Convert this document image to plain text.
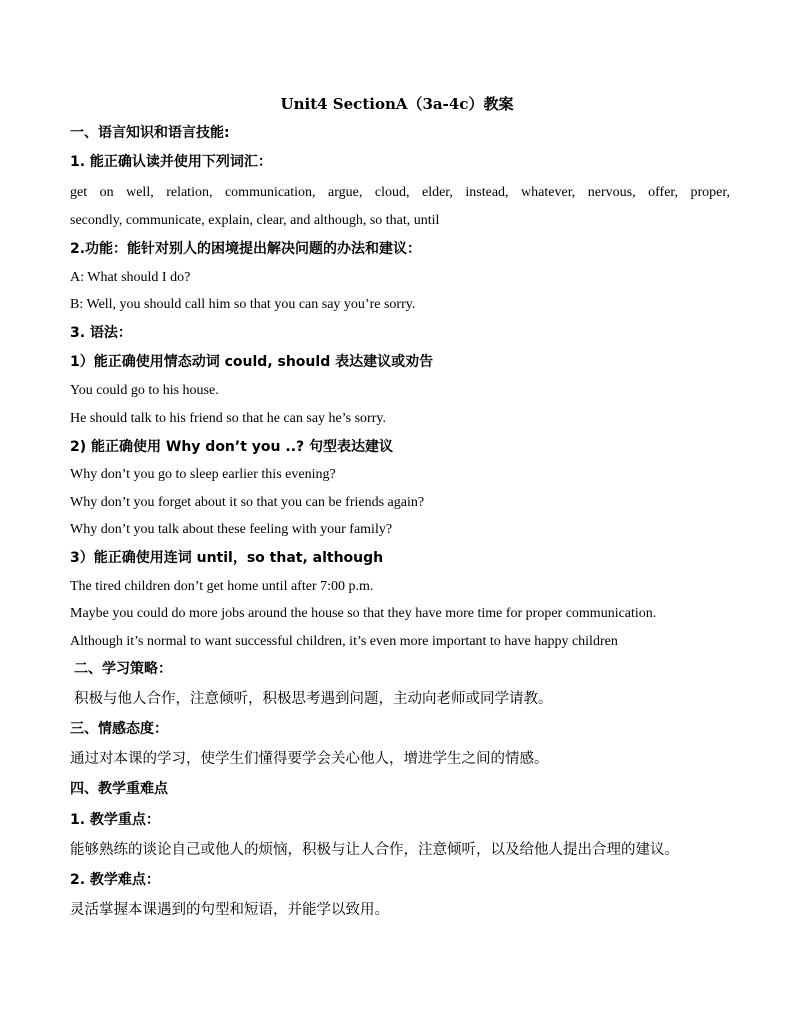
Unit4 SectionA（3a-4c）教案
一、语言知识和语言技能:
1. 能正确认读并使用下列词汇：
get on well, relation, communication, argue, cloud, elder, instead, whatever, nervous, offer, proper,
secondly, communicate, explain, clear, and although, so that, until
2.功能：能针对别人的困境提出解决问题的办法和建议：
A: What should I do?
B: Well, you should call him so that you can say you’re sorry.
3. 语法：
1）能正确使用情态动词 could, should 表达建议或劝告
You could go to his house.
He should talk to his friend so that he can say he’s sorry.
2) 能正确使用 Why don’t you ..? 句型表达建议
Why don’t you go to sleep earlier this evening?
Why don’t you forget about it so that you can be friends again?
Why don’t you talk about these feeling with your family?
3）能正确使用连词 until，so that, although
The tired children don’t get home until after 7:00 p.m.
Maybe you could do more jobs around the house so that they have more time for proper communication.
Although it’s normal to want successful children, it’s even more important to have happy children
二、学习策略：
积极与他人合作，注意倾听，积极思考遇到问题，主动向老师或同学请教。
三、情感态度：
通过对本课的学习，使学生们懂得要学会关心他人，增进学生之间的情感。
四、教学重难点
1. 教学重点：
能够熟练的谈论自己或他人的烦恼，积极与让人合作，注意倾听，以及给他人提出合理的建议。
2. 教学难点：
灵活掌握本课遇到的句型和短语，并能学以致用。
